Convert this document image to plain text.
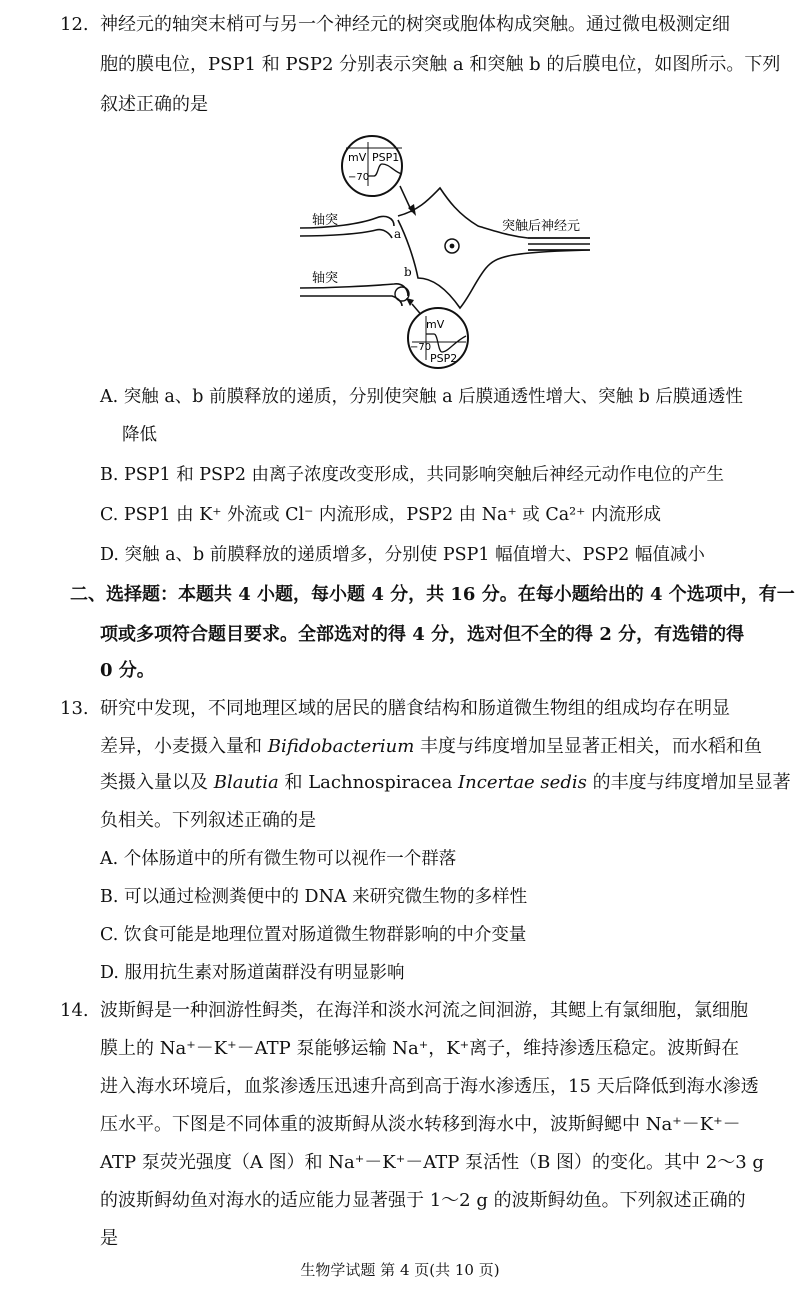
12. 神经元的轴突末梢可与另一个神经元的树突或胞体构成突触。通过微电极测定细
胞的膜电位，PSP1 和 PSP2 分别表示突触 a 和突触 b 的后膜电位，如图所示。下列
叙述正确的是
mV PSP1
−70
轴突
a	突触后神经元
轴突	b
mV
−70
PSP2
A. 突触 a、b 前膜释放的递质，分别使突触 a 后膜通透性增大、突触 b 后膜通透性
降低
B. PSP1 和 PSP2 由离子浓度改变形成，共同影响突触后神经元动作电位的产生
C. PSP1 由 K⁺ 外流或 Cl⁻ 内流形成，PSP2 由 Na⁺ 或 Ca²⁺ 内流形成
D. 突触 a、b 前膜释放的递质增多，分别使 PSP1 幅值增大、PSP2 幅值减小
二、选择题：本题共 4 小题，每小题 4 分，共 16 分。在每小题给出的 4 个选项中，有一
项或多项符合题目要求。全部选对的得 4 分，选对但不全的得 2 分，有选错的得
0 分。
13. 研究中发现，不同地理区域的居民的膳食结构和肠道微生物组的组成均存在明显
差异，小麦摄入量和 Bifidobacterium 丰度与纬度增加呈显著正相关，而水稻和鱼
类摄入量以及 Blautia 和 Lachnospiracea Incertae sedis 的丰度与纬度增加呈显著
负相关。下列叙述正确的是
A. 个体肠道中的所有微生物可以视作一个群落
B. 可以通过检测粪便中的 DNA 来研究微生物的多样性
C. 饮食可能是地理位置对肠道微生物群影响的中介变量
D. 服用抗生素对肠道菌群没有明显影响
14. 波斯鲟是一种洄游性鲟类，在海洋和淡水河流之间洄游，其鳃上有氯细胞，氯细胞
膜上的 Na⁺－K⁺－ATP 泵能够运输 Na⁺，K⁺离子，维持渗透压稳定。波斯鲟在
进入海水环境后，血浆渗透压迅速升高到高于海水渗透压，15 天后降低到海水渗透
压水平。下图是不同体重的波斯鲟从淡水转移到海水中，波斯鲟鳃中 Na⁺－K⁺－
ATP 泵荧光强度（A 图）和 Na⁺－K⁺－ATP 泵活性（B 图）的变化。其中 2～3 g
的波斯鲟幼鱼对海水的适应能力显著强于 1～2 g 的波斯鲟幼鱼。下列叙述正确的
是
生物学试题 第 4 页(共 10 页)
